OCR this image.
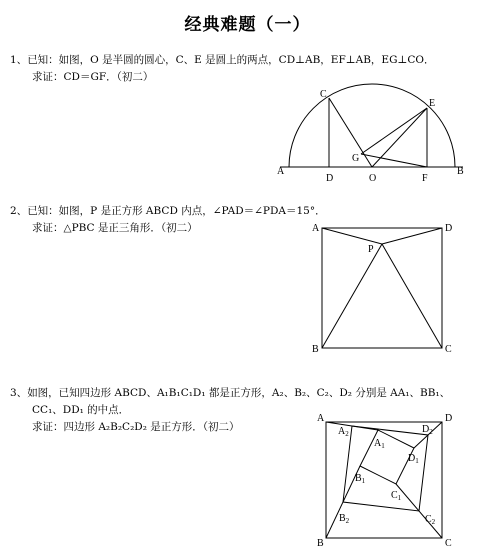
经典难题（一）
1、已知：如图，O 是半圆的圆心，C、E 是圆上的两点，CD⊥AB，EF⊥AB，EG⊥CO．
求证：CD＝GF．（初二）
A	B
C
D
E
F
G
O
2、已知：如图，P 是正方形 ABCD 内点，∠PAD＝∠PDA＝15°．
求证：△PBC 是正三角形．（初二）	A	D
B	C
P
3、如图，已知四边形 ABCD、A₁B₁C₁D₁ 都是正方形，A₂、B₂、C₂、D₂ 分别是 AA₁、BB₁、
CC₁、DD₁ 的中点．
求证：四边形 A₂B₂C₂D₂ 是正方形．（初二）
A	D
B	C
$A_1$
$D_1$
$C_1$
$B_1$
$A_2$	$D_2$
$C_2$
$B_2$
